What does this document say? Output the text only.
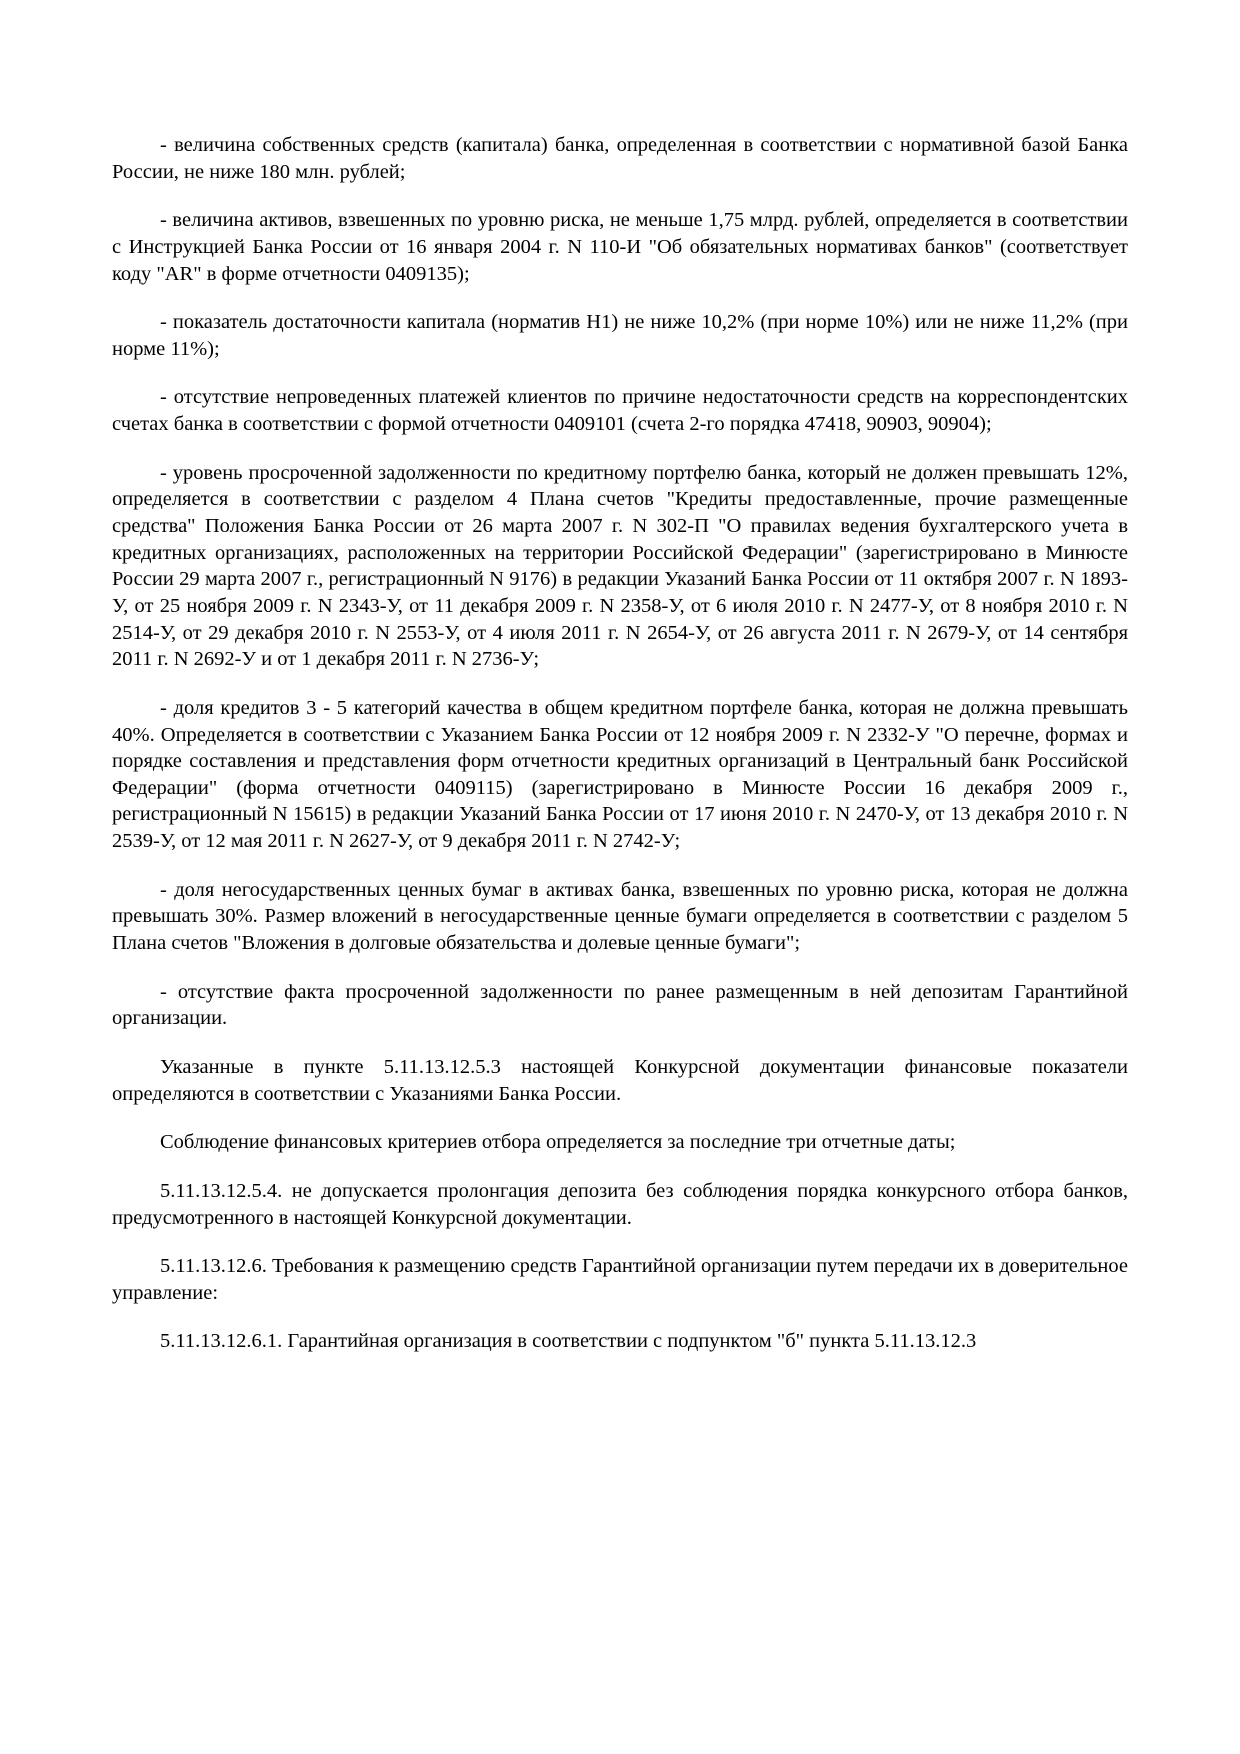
- величина собственных средств (капитала) банка, определенная в соответствии с нормативной базой Банка России, не ниже 180 млн. рублей;

- величина активов, взвешенных по уровню риска, не меньше 1,75 млрд. рублей, определяется в соответствии с Инструкцией Банка России от 16 января 2004 г. N 110-И "Об обязательных нормативах банков" (соответствует коду "AR" в форме отчетности 0409135);

- показатель достаточности капитала (норматив Н1) не ниже 10,2% (при норме 10%) или не ниже 11,2% (при норме 11%);

- отсутствие непроведенных платежей клиентов по причине недостаточности средств на корреспондентских счетах банка в соответствии с формой отчетности 0409101 (счета 2-го порядка 47418, 90903, 90904);

- уровень просроченной задолженности по кредитному портфелю банка, который не должен превышать 12%, определяется в соответствии с разделом 4 Плана счетов "Кредиты предоставленные, прочие размещенные средства" Положения Банка России от 26 марта 2007 г. N 302-П "О правилах ведения бухгалтерского учета в кредитных организациях, расположенных на территории Российской Федерации" (зарегистрировано в Минюсте России 29 марта 2007 г., регистрационный N 9176) в редакции Указаний Банка России от 11 октября 2007 г. N 1893-У, от 25 ноября 2009 г. N 2343-У, от 11 декабря 2009 г. N 2358-У, от 6 июля 2010 г. N 2477-У, от 8 ноября 2010 г. N 2514-У, от 29 декабря 2010 г. N 2553-У, от 4 июля 2011 г. N 2654-У, от 26 августа 2011 г. N 2679-У, от 14 сентября 2011 г. N 2692-У и от 1 декабря 2011 г. N 2736-У;

- доля кредитов 3 - 5 категорий качества в общем кредитном портфеле банка, которая не должна превышать 40%. Определяется в соответствии с Указанием Банка России от 12 ноября 2009 г. N 2332-У "О перечне, формах и порядке составления и представления форм отчетности кредитных организаций в Центральный банк Российской Федерации" (форма отчетности 0409115) (зарегистрировано в Минюсте России 16 декабря 2009 г., регистрационный N 15615) в редакции Указаний Банка России от 17 июня 2010 г. N 2470-У, от 13 декабря 2010 г. N 2539-У, от 12 мая 2011 г. N 2627-У, от 9 декабря 2011 г. N 2742-У;

- доля негосударственных ценных бумаг в активах банка, взвешенных по уровню риска, которая не должна превышать 30%. Размер вложений в негосударственные ценные бумаги определяется в соответствии с разделом 5 Плана счетов "Вложения в долговые обязательства и долевые ценные бумаги";

- отсутствие факта просроченной задолженности по ранее размещенным в ней депозитам Гарантийной организации.

Указанные в пункте 5.11.13.12.5.3 настоящей Конкурсной документации финансовые показатели определяются в соответствии с Указаниями Банка России.

Соблюдение финансовых критериев отбора определяется за последние три отчетные даты;

5.11.13.12.5.4. не допускается пролонгация депозита без соблюдения порядка конкурсного отбора банков, предусмотренного в настоящей Конкурсной документации.

5.11.13.12.6. Требования к размещению средств Гарантийной организации путем передачи их в доверительное управление:

5.11.13.12.6.1. Гарантийная организация в соответствии с подпунктом "б" пункта 5.11.13.12.3
